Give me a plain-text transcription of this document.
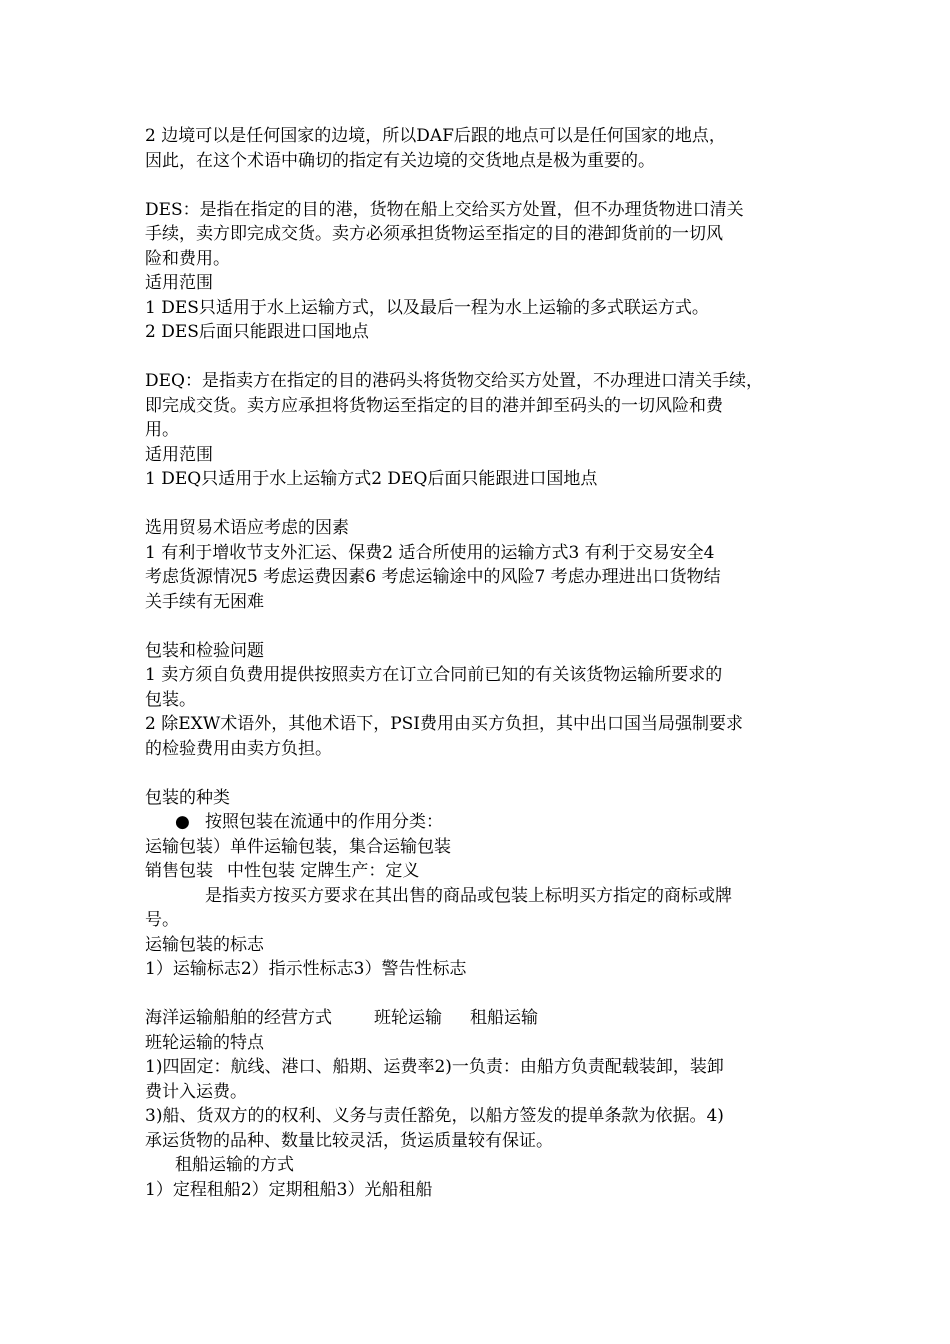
2 边境可以是任何国家的边境，所以DAF后跟的地点可以是任何国家的地点，

因此，在这个术语中确切的指定有关边境的交货地点是极为重要的。

DES：是指在指定的目的港，货物在船上交给买方处置，但不办理货物进口清关

手续，卖方即完成交货。卖方必须承担货物运至指定的目的港卸货前的一切风

险和费用。

适用范围

1 DES只适用于水上运输方式，以及最后一程为水上运输的多式联运方式。

2 DES后面只能跟进口国地点

DEQ：是指卖方在指定的目的港码头将货物交给买方处置，不办理进口清关手续，

即完成交货。卖方应承担将货物运至指定的目的港并卸至码头的一切风险和费

用。

适用范围

1 DEQ只适用于水上运输方式2 DEQ后面只能跟进口国地点

选用贸易术语应考虑的因素

1 有利于增收节支外汇运、保费2 适合所使用的运输方式3 有利于交易安全4

考虑货源情况5 考虑运费因素6 考虑运输途中的风险7 考虑办理进出口货物结

关手续有无困难

包装和检验问题

1 卖方须自负费用提供按照卖方在订立合同前已知的有关该货物运输所要求的

包装。

2 除EXW术语外，其他术语下，PSI费用由买方负担，其中出口国当局强制要求

的检验费用由卖方负担。

包装的种类

● 按照包装在流通中的作用分类：

运输包装）单件运输包装，集合运输包装

销售包装 中性包装 定牌生产：定义

是指卖方按买方要求在其出售的商品或包装上标明买方指定的商标或牌

号。

运输包装的标志

1）运输标志2）指示性标志3）警告性标志

海洋运输船舶的经营方式 班轮运输 租船运输

班轮运输的特点

1)四固定：航线、港口、船期、运费率2)一负责：由船方负责配载装卸，装卸

费计入运费。

3)船、货双方的的权利、义务与责任豁免，以船方签发的提单条款为依据。4)

承运货物的品种、数量比较灵活，货运质量较有保证。

租船运输的方式

1）定程租船2）定期租船3）光船租船
